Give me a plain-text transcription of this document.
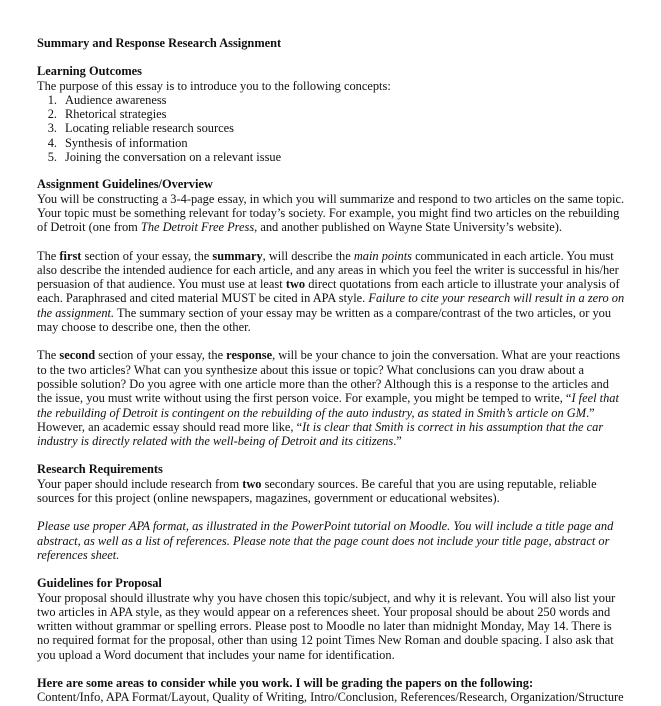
Summary and Response Research Assignment

Learning Outcomes

The purpose of this essay is to introduce you to the following concepts:

1. Audience awareness
2. Rhetorical strategies
3. Locating reliable research sources
4. Synthesis of information
5. Joining the conversation on a relevant issue

Assignment Guidelines/Overview

You will be constructing a 3-4-page essay, in which you will summarize and respond to two articles on the same topic. Your topic must be something relevant for today’s society. For example, you might find two articles on the rebuilding of Detroit (one from The Detroit Free Press, and another published on Wayne State University’s website).

The first section of your essay, the summary, will describe the main points communicated in each article. You must also describe the intended audience for each article, and any areas in which you feel the writer is successful in his/her persuasion of that audience. You must use at least two direct quotations from each article to illustrate your analysis of each. Paraphrased and cited material MUST be cited in APA style. Failure to cite your research will result in a zero on the assignment. The summary section of your essay may be written as a compare/contrast of the two articles, or you may choose to describe one, then the other.

The second section of your essay, the response, will be your chance to join the conversation. What are your reactions to the two articles? What can you synthesize about this issue or topic? What conclusions can you draw about a possible solution? Do you agree with one article more than the other? Although this is a response to the articles and the issue, you must write without using the first person voice. For example, you might be temped to write, “I feel that the rebuilding of Detroit is contingent on the rebuilding of the auto industry, as stated in Smith’s article on GM.” However, an academic essay should read more like, “It is clear that Smith is correct in his assumption that the car industry is directly related with the well-being of Detroit and its citizens.”

Research Requirements

Your paper should include research from two secondary sources. Be careful that you are using reputable, reliable sources for this project (online newspapers, magazines, government or educational websites).

Please use proper APA format, as illustrated in the PowerPoint tutorial on Moodle. You will include a title page and abstract, as well as a list of references. Please note that the page count does not include your title page, abstract or references sheet.

Guidelines for Proposal

Your proposal should illustrate why you have chosen this topic/subject, and why it is relevant. You will also list your two articles in APA style, as they would appear on a references sheet. Your proposal should be about 250 words and written without grammar or spelling errors. Please post to Moodle no later than midnight Monday, May 14. There is no required format for the proposal, other than using 12 point Times New Roman and double spacing. I also ask that you upload a Word document that includes your name for identification.

Here are some areas to consider while you work. I will be grading the papers on the following:

Content/Info, APA Format/Layout, Quality of Writing, Intro/Conclusion, References/Research, Organization/Structure
